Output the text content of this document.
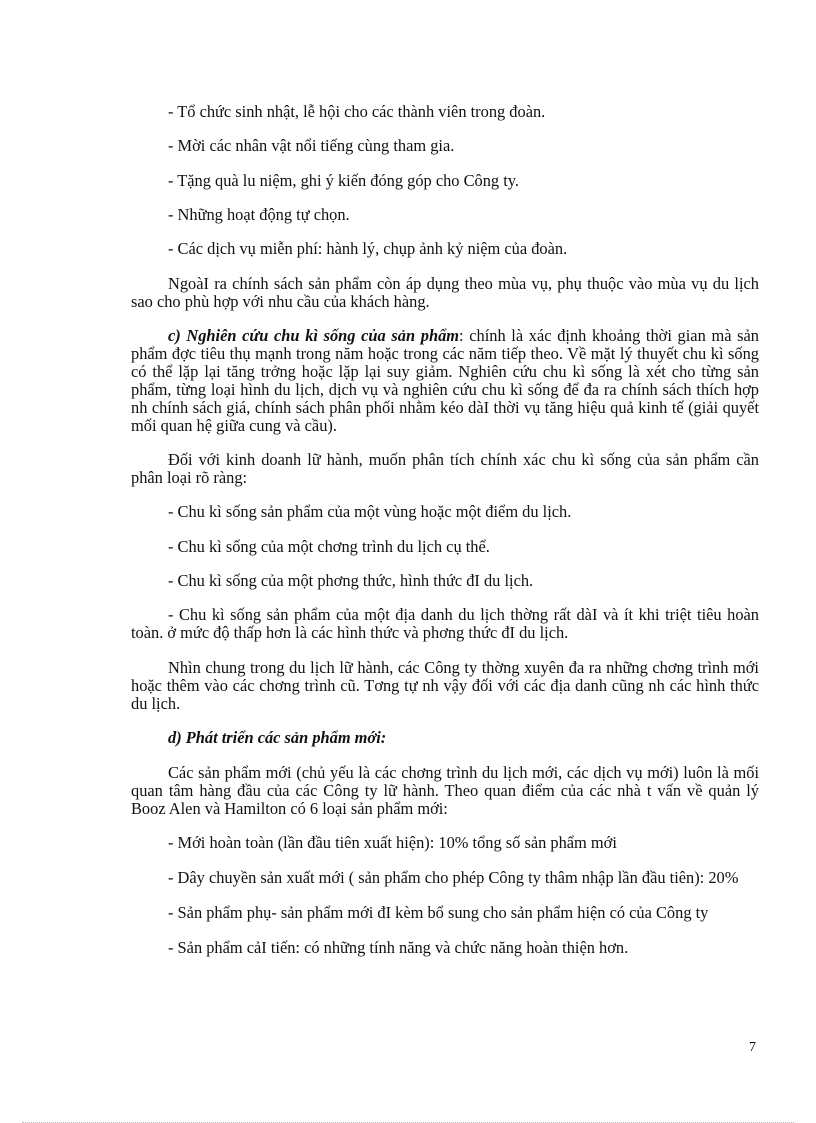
- Tổ chức sinh nhật, lễ hội cho các thành viên trong đoàn.

- Mời các nhân vật nổi tiếng cùng tham gia.

- Tặng quà lu niệm, ghi ý kiến đóng góp cho Công ty.

- Những hoạt động tự chọn.

- Các dịch vụ miễn phí: hành lý, chụp ảnh kỷ niệm của đoàn.

NgoàI ra chính sách sản phẩm còn áp dụng theo mùa vụ, phụ thuộc vào mùa vụ du lịch sao cho phù hợp với nhu cầu của khách hàng.

c) Nghiên cứu chu kì sống của sản phẩm: chính là xác định khoảng thời gian mà sản phẩm đợc tiêu thụ mạnh trong năm hoặc trong các năm tiếp theo. Về mặt lý thuyết chu kì sống có thể lặp lại tăng trởng hoặc lặp lại suy giảm. Nghiên cứu chu kì sống là xét cho từng sản phẩm, từng loại hình du lịch, dịch vụ và nghiên cứu chu kì sống để đa ra chính sách thích hợp nh chính sách giá, chính sách phân phối nhằm kéo dàI thời vụ tăng hiệu quả kinh tế (giải quyết mối quan hệ giữa cung và cầu).

Đối với kinh doanh lữ hành, muốn phân tích chính xác chu kì sống của sản phẩm cần phân loại rõ ràng:

- Chu kì sống sản phẩm của một vùng hoặc một điểm du lịch.

- Chu kì sống của một chơng trình du lịch cụ thể.

- Chu kì sống của một phơng thức, hình thức đI du lịch.

- Chu kì sống sản phẩm của một địa danh du lịch thờng rất dàI và ít khi triệt tiêu hoàn toàn. ở mức độ thấp hơn là các hình thức và phơng thức đI du lịch.

Nhìn chung trong du lịch lữ hành, các Công ty thờng xuyên đa ra những chơng trình mới hoặc thêm vào các chơng trình cũ. Tơng tự nh vậy đối với các địa danh cũng nh các hình thức du lịch.

d) Phát triển các sản phẩm mới:

Các sản phẩm mới (chủ yếu là các chơng trình du lịch mới, các dịch vụ mới) luôn là mối quan tâm hàng đầu của các Công ty lữ hành. Theo quan điểm của các nhà t vấn về quản lý Booz Alen và Hamilton có 6 loại sản phẩm mới:

- Mới hoàn toàn (lần đầu tiên xuất hiện): 10% tổng số sản phẩm mới

- Dây chuyền sản xuất mới ( sản phẩm cho phép Công ty thâm nhập lần đầu tiên): 20%

- Sản phẩm phụ- sản phẩm mới đI kèm bổ sung cho sản phẩm hiện có của Công ty

- Sản phẩm cảI tiến: có những tính năng và chức năng hoàn thiện hơn.

7
